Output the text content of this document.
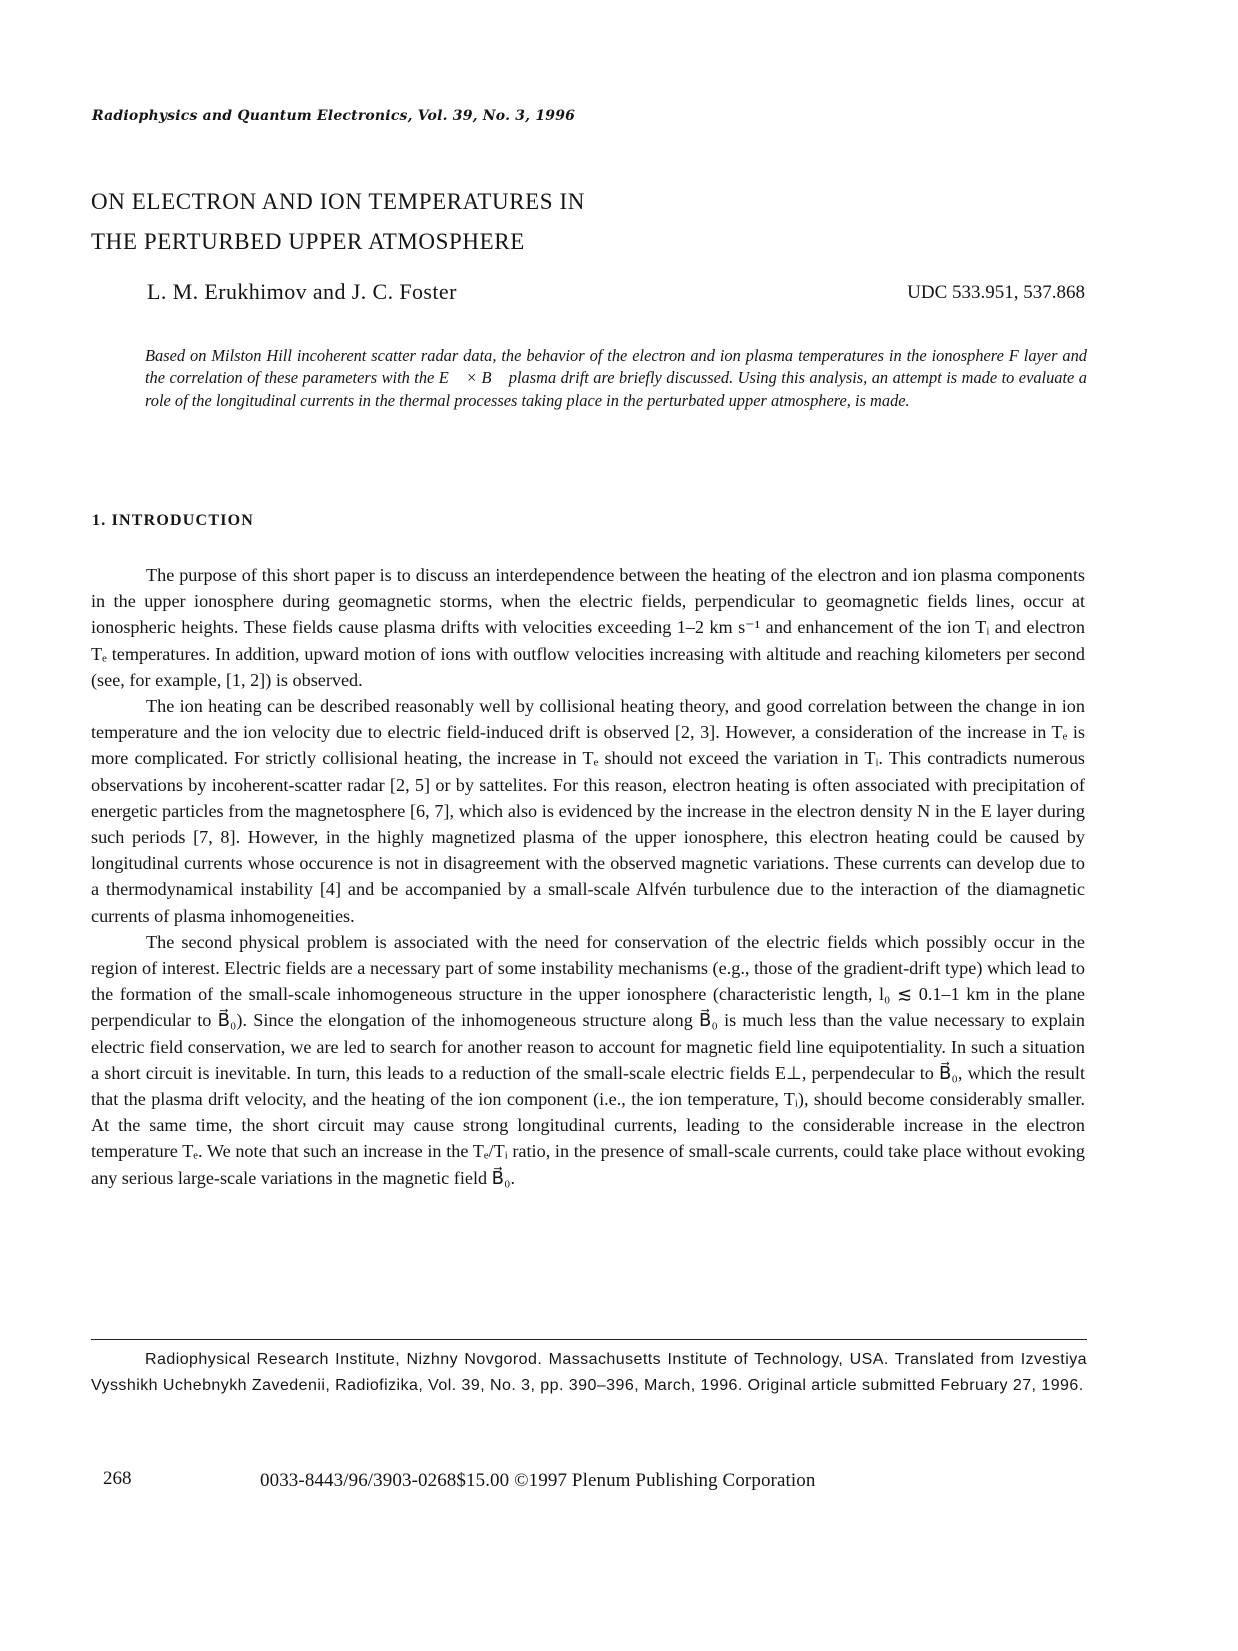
Radiophysics and Quantum Electronics, Vol. 39, No. 3, 1996
ON ELECTRON AND ION TEMPERATURES IN
THE PERTURBED UPPER ATMOSPHERE
L. M. Erukhimov and J. C. Foster	UDC 533.951, 537.868
Based on Milston Hill incoherent scatter radar data, the behavior of the electron and ion plasma temperatures in the ionosphere F layer and the correlation of these parameters with the E⃗ × B⃗ plasma drift are briefly discussed. Using this analysis, an attempt is made to evaluate a role of the longitudinal currents in the thermal processes taking place in the perturbated upper atmosphere, is made.
1. INTRODUCTION

The purpose of this short paper is to discuss an interdependence between the heating of the electron and ion plasma components in the upper ionosphere during geomagnetic storms, when the electric fields, perpendicular to geomagnetic fields lines, occur at ionospheric heights. These fields cause plasma drifts with velocities exceeding 1–2 km s⁻¹ and enhancement of the ion Tᵢ and electron Tₑ temperatures. In addition, upward motion of ions with outflow velocities increasing with altitude and reaching kilometers per second (see, for example, [1, 2]) is observed.

The ion heating can be described reasonably well by collisional heating theory, and good correlation between the change in ion temperature and the ion velocity due to electric field-induced drift is observed [2, 3]. However, a consideration of the increase in Tₑ is more complicated. For strictly collisional heating, the increase in Tₑ should not exceed the variation in Tᵢ. This contradicts numerous observations by incoherent-scatter radar [2, 5] or by sattelites. For this reason, electron heating is often associated with precipitation of energetic particles from the magnetosphere [6, 7], which also is evidenced by the increase in the electron density N in the E layer during such periods [7, 8]. However, in the highly magnetized plasma of the upper ionosphere, this electron heating could be caused by longitudinal currents whose occurence is not in disagreement with the observed magnetic variations. These currents can develop due to a thermodynamical instability [4] and be accompanied by a small-scale Alfvén turbulence due to the interaction of the diamagnetic currents of plasma inhomogeneities.

The second physical problem is associated with the need for conservation of the electric fields which possibly occur in the region of interest. Electric fields are a necessary part of some instability mechanisms (e.g., those of the gradient-drift type) which lead to the formation of the small-scale inhomogeneous structure in the upper ionosphere (characteristic length, l₀ ≲ 0.1–1 km in the plane perpendicular to B⃗₀). Since the elongation of the inhomogeneous structure along B⃗₀ is much less than the value necessary to explain electric field conservation, we are led to search for another reason to account for magnetic field line equipotentiality. In such a situation a short circuit is inevitable. In turn, this leads to a reduction of the small-scale electric fields E⊥, perpendecular to B⃗₀, which the result that the plasma drift velocity, and the heating of the ion component (i.e., the ion temperature, Tᵢ), should become considerably smaller. At the same time, the short circuit may cause strong longitudinal currents, leading to the considerable increase in the electron temperature Tₑ. We note that such an increase in the Tₑ/Tᵢ ratio, in the presence of small-scale currents, could take place without evoking any serious large-scale variations in the magnetic field B⃗₀.

Radiophysical Research Institute, Nizhny Novgorod. Massachusetts Institute of Technology, USA. Translated from Izvestiya Vysshikh Uchebnykh Zavedenii, Radiofizika, Vol. 39, No. 3, pp. 390–396, March, 1996. Original article submitted February 27, 1996.
268	0033-8443/96/3903-0268$15.00 ©1997 Plenum Publishing Corporation
